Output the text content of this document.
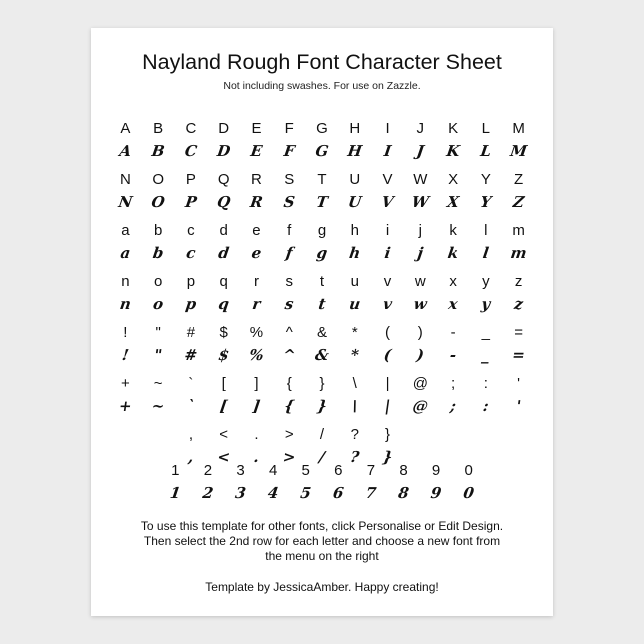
Nayland Rough Font Character Sheet
Not including swashes. For use on Zazzle.
A	B	C	D	E	F	G	H	I	J	K	L	M
A	B	C	D	E	F	G	H	I	J	K	L	M
N	O	P	Q	R	S	T	U	V	W	X	Y	Z
N	O	P	Q	R	S	T	U	V	W	X	Y	Z
a	b	c	d	e	f	g	h	i	j	k	l	m
a	b	c	d	e	f	g	h	i	j	k	l	m
n	o	p	q	r	s	t	u	v	w	x	y	z
n	o	p	q	r	s	t	u	v	w	x	y	z
!	"	#	$	%	^	&	*	(	)	-	_	=
!	"	#	$	%	^	&	*	(	)	-	_	=
+	~	`	[	]	{	}	\	|	@	;	:	'
+	~	`	[	]	{	}	\	|	@	;	:	'
,	<	.	>	/	?	}
,	<	.	>	/	?	}
1	2	3	4	5	6	7	8	9	0
1	2	3	4	5	6	7	8	9	0
To use this template for other fonts, click Personalise or Edit Design.
Then select the 2nd row for each letter and choose a new font from
the menu on the right
Template by JessicaAmber. Happy creating!
